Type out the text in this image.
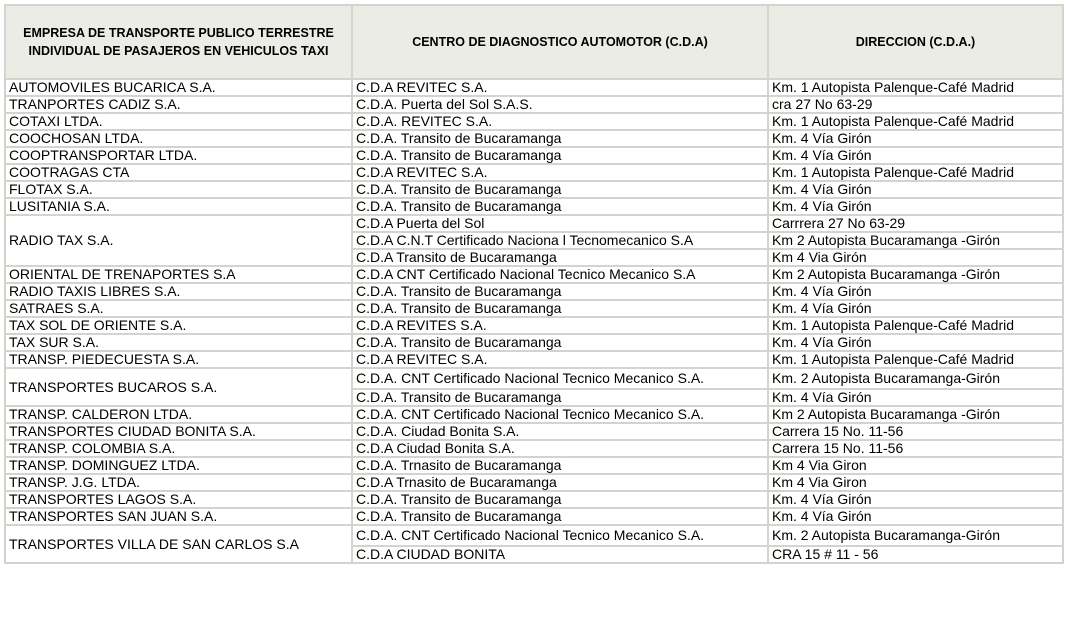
EMPRESA DE TRANSPORTE PUBLICO TERRESTRE INDIVIDUAL DE PASAJEROS EN VEHICULOS TAXI	CENTRO DE DIAGNOSTICO AUTOMOTOR (C.D.A)	DIRECCION (C.D.A.)
AUTOMOVILES BUCARICA S.A.	C.D.A REVITEC S.A.	Km. 1 Autopista Palenque-Café Madrid
TRANPORTES CADIZ S.A.	C.D.A. Puerta del Sol S.A.S.	cra 27 No 63-29
COTAXI LTDA.	C.D.A. REVITEC S.A.	Km. 1 Autopista Palenque-Café Madrid
COOCHOSAN LTDA.	C.D.A. Transito de Bucaramanga	Km. 4 Vía Girón
COOPTRANSPORTAR LTDA.	C.D.A. Transito de Bucaramanga	Km. 4 Vía Girón
COOTRAGAS CTA	C.D.A REVITEC S.A.	Km. 1 Autopista Palenque-Café Madrid
FLOTAX S.A.	C.D.A. Transito de Bucaramanga	Km. 4 Vía Girón
LUSITANIA S.A.	C.D.A. Transito de Bucaramanga	Km. 4 Vía Girón
RADIO TAX S.A.	C.D.A Puerta del Sol	Carrrera 27 No 63-29
	C.D.A C.N.T Certificado Naciona l Tecnomecanico S.A	Km 2 Autopista Bucaramanga -Girón
	C.D.A Transito de Bucaramanga	Km 4 Via Girón
ORIENTAL DE TRENAPORTES S.A	C.D.A CNT Certificado Nacional Tecnico Mecanico S.A	Km 2 Autopista Bucaramanga -Girón
RADIO TAXIS LIBRES S.A.	C.D.A. Transito de Bucaramanga	Km. 4 Vía Girón
SATRAES S.A.	C.D.A. Transito de Bucaramanga	Km. 4 Vía Girón
TAX SOL DE ORIENTE S.A.	C.D.A REVITES S.A.	Km. 1 Autopista Palenque-Café Madrid
TAX SUR S.A.	C.D.A. Transito de Bucaramanga	Km. 4 Vía Girón
TRANSP. PIEDECUESTA S.A.	C.D.A REVITEC S.A.	Km. 1 Autopista Palenque-Café Madrid
TRANSPORTES BUCAROS S.A.	C.D.A. CNT Certificado Nacional Tecnico Mecanico S.A.	Km. 2 Autopista Bucaramanga-Girón
	C.D.A. Transito de Bucaramanga	Km. 4 Vía Girón
TRANSP. CALDERON LTDA.	C.D.A. CNT Certificado Nacional Tecnico Mecanico S.A.	Km 2 Autopista Bucaramanga -Girón
TRANSPORTES CIUDAD BONITA S.A.	C.D.A. Ciudad Bonita S.A.	Carrera 15 No. 11-56
TRANSP. COLOMBIA S.A.	C.D.A Ciudad Bonita S.A.	Carrera 15 No. 11-56
TRANSP. DOMINGUEZ LTDA.	C.D.A. Trnasito de Bucaramanga	Km 4 Via Giron
TRANSP. J.G. LTDA.	C.D.A Trnasito de Bucaramanga	Km 4 Via Giron
TRANSPORTES LAGOS S.A.	C.D.A. Transito de Bucaramanga	Km. 4 Vía Girón
TRANSPORTES SAN JUAN S.A.	C.D.A. Transito de Bucaramanga	Km. 4 Vía Girón
TRANSPORTES VILLA DE SAN CARLOS S.A	C.D.A. CNT Certificado Nacional Tecnico Mecanico S.A.	Km. 2 Autopista Bucaramanga-Girón
	C.D.A CIUDAD BONITA	CRA 15 # 11 - 56
